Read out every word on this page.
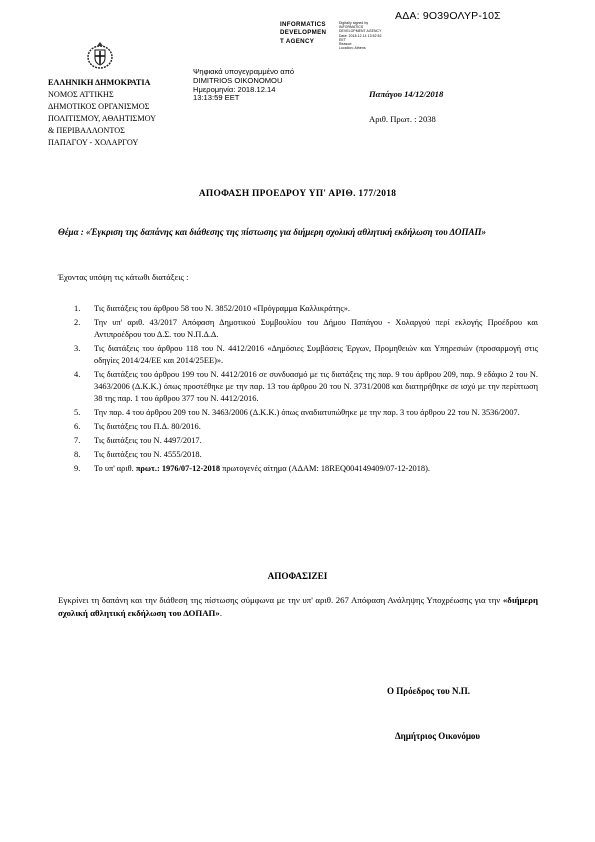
ΑΔΑ: 9Ο39ΟΛΥΡ-10Σ
INFORMATICS
DEVELOPMEN
T AGENCY
Digitally signed by
INFORMATICS
DEVELOPMENT AGENCY
Date: 2018.12.14 13:52:52
EET
Reason:
Location: Athens
Ψηφιακά υπογεγραμμένο από
DIMITRIOS OIKONOMOU
Ημερομηνία: 2018.12.14
13:13:59 EET
ΕΛΛΗΝΙΚΗ ΔΗΜΟΚΡΑΤΙΑ
ΝΟΜΟΣ ΑΤΤΙΚΗΣ
ΔΗΜΟΤΙΚΟΣ ΟΡΓΑΝΙΣΜΟΣ
ΠΟΛΙΤΙΣΜΟΥ, ΑΘΛΗΤΙΣΜΟΥ
& ΠΕΡΙΒΑΛΛΟΝΤΟΣ
ΠΑΠΑΓΟΥ - ΧΟΛΑΡΓΟΥ
Παπάγου 14/12/2018
Αριθ. Πρωτ. : 2038
ΑΠΟΦΑΣΗ ΠΡΟΕΔΡΟΥ ΥΠ' ΑΡΙΘ. 177/2018
Θέμα : «Έγκριση της δαπάνης και διάθεσης της πίστωσης για διήμερη σχολική αθλητική εκδήλωση του ΔΟΠΑΠ»
Έχοντας υπόψη τις κάτωθι διατάξεις :
1. Τις διατάξεις του άρθρου 58 του Ν. 3852/2010 «Πρόγραμμα Καλλικράτης».
2. Την υπ' αριθ. 43/2017 Απόφαση Δημοτικού Συμβουλίου του Δήμου Παπάγου - Χολαργού περί εκλογής Προέδρου και Αντιπροέδρου του Δ.Σ. του Ν.Π.Δ.Δ.
3. Τις διατάξεις του άρθρου 118 του Ν. 4412/2016 «Δημόσιες Συμβάσεις Έργων, Προμηθειών και Υπηρεσιών (προσαρμογή στις οδηγίες 2014/24/ΕΕ και 2014/25ΕΕ)».
4. Τις διατάξεις του άρθρου 199 του Ν. 4412/2016 σε συνδυασμό με τις διατάξεις της παρ. 9 του άρθρου 209, παρ. 9 εδάφιο 2 του Ν. 3463/2006 (Δ.Κ.Κ.) όπως προστέθηκε με την παρ. 13 του άρθρου 20 του Ν. 3731/2008 και διατηρήθηκε σε ισχύ με την περίπτωση 38 της παρ. 1 του άρθρου 377 του Ν. 4412/2016.
5. Την παρ. 4 του άρθρου 209 του Ν. 3463/2006 (Δ.Κ.Κ.) όπως αναδιατυπώθηκε με την παρ. 3 του άρθρου 22 του Ν. 3536/2007.
6. Τις διατάξεις του Π.Δ. 80/2016.
7. Τις διατάξεις του Ν. 4497/2017.
8. Τις διατάξεις του Ν. 4555/2018.
9. Το υπ' αριθ. πρωτ.: 1976/07-12-2018 πρωτογενές αίτημα (ΑΔΑΜ: 18REQ004149409/07-12-2018).
ΑΠΟΦΑΣΙΖΕΙ
Εγκρίνει τη δαπάνη και την διάθεση της πίστωσης σύμφωνα με την υπ' αριθ. 267 Απόφαση Ανάληψης Υποχρέωσης για την «διήμερη σχολική αθλητική εκδήλωση του ΔΟΠΑΠ».
Ο Πρόεδρος του Ν.Π.
Δημήτριος Οικονόμου
